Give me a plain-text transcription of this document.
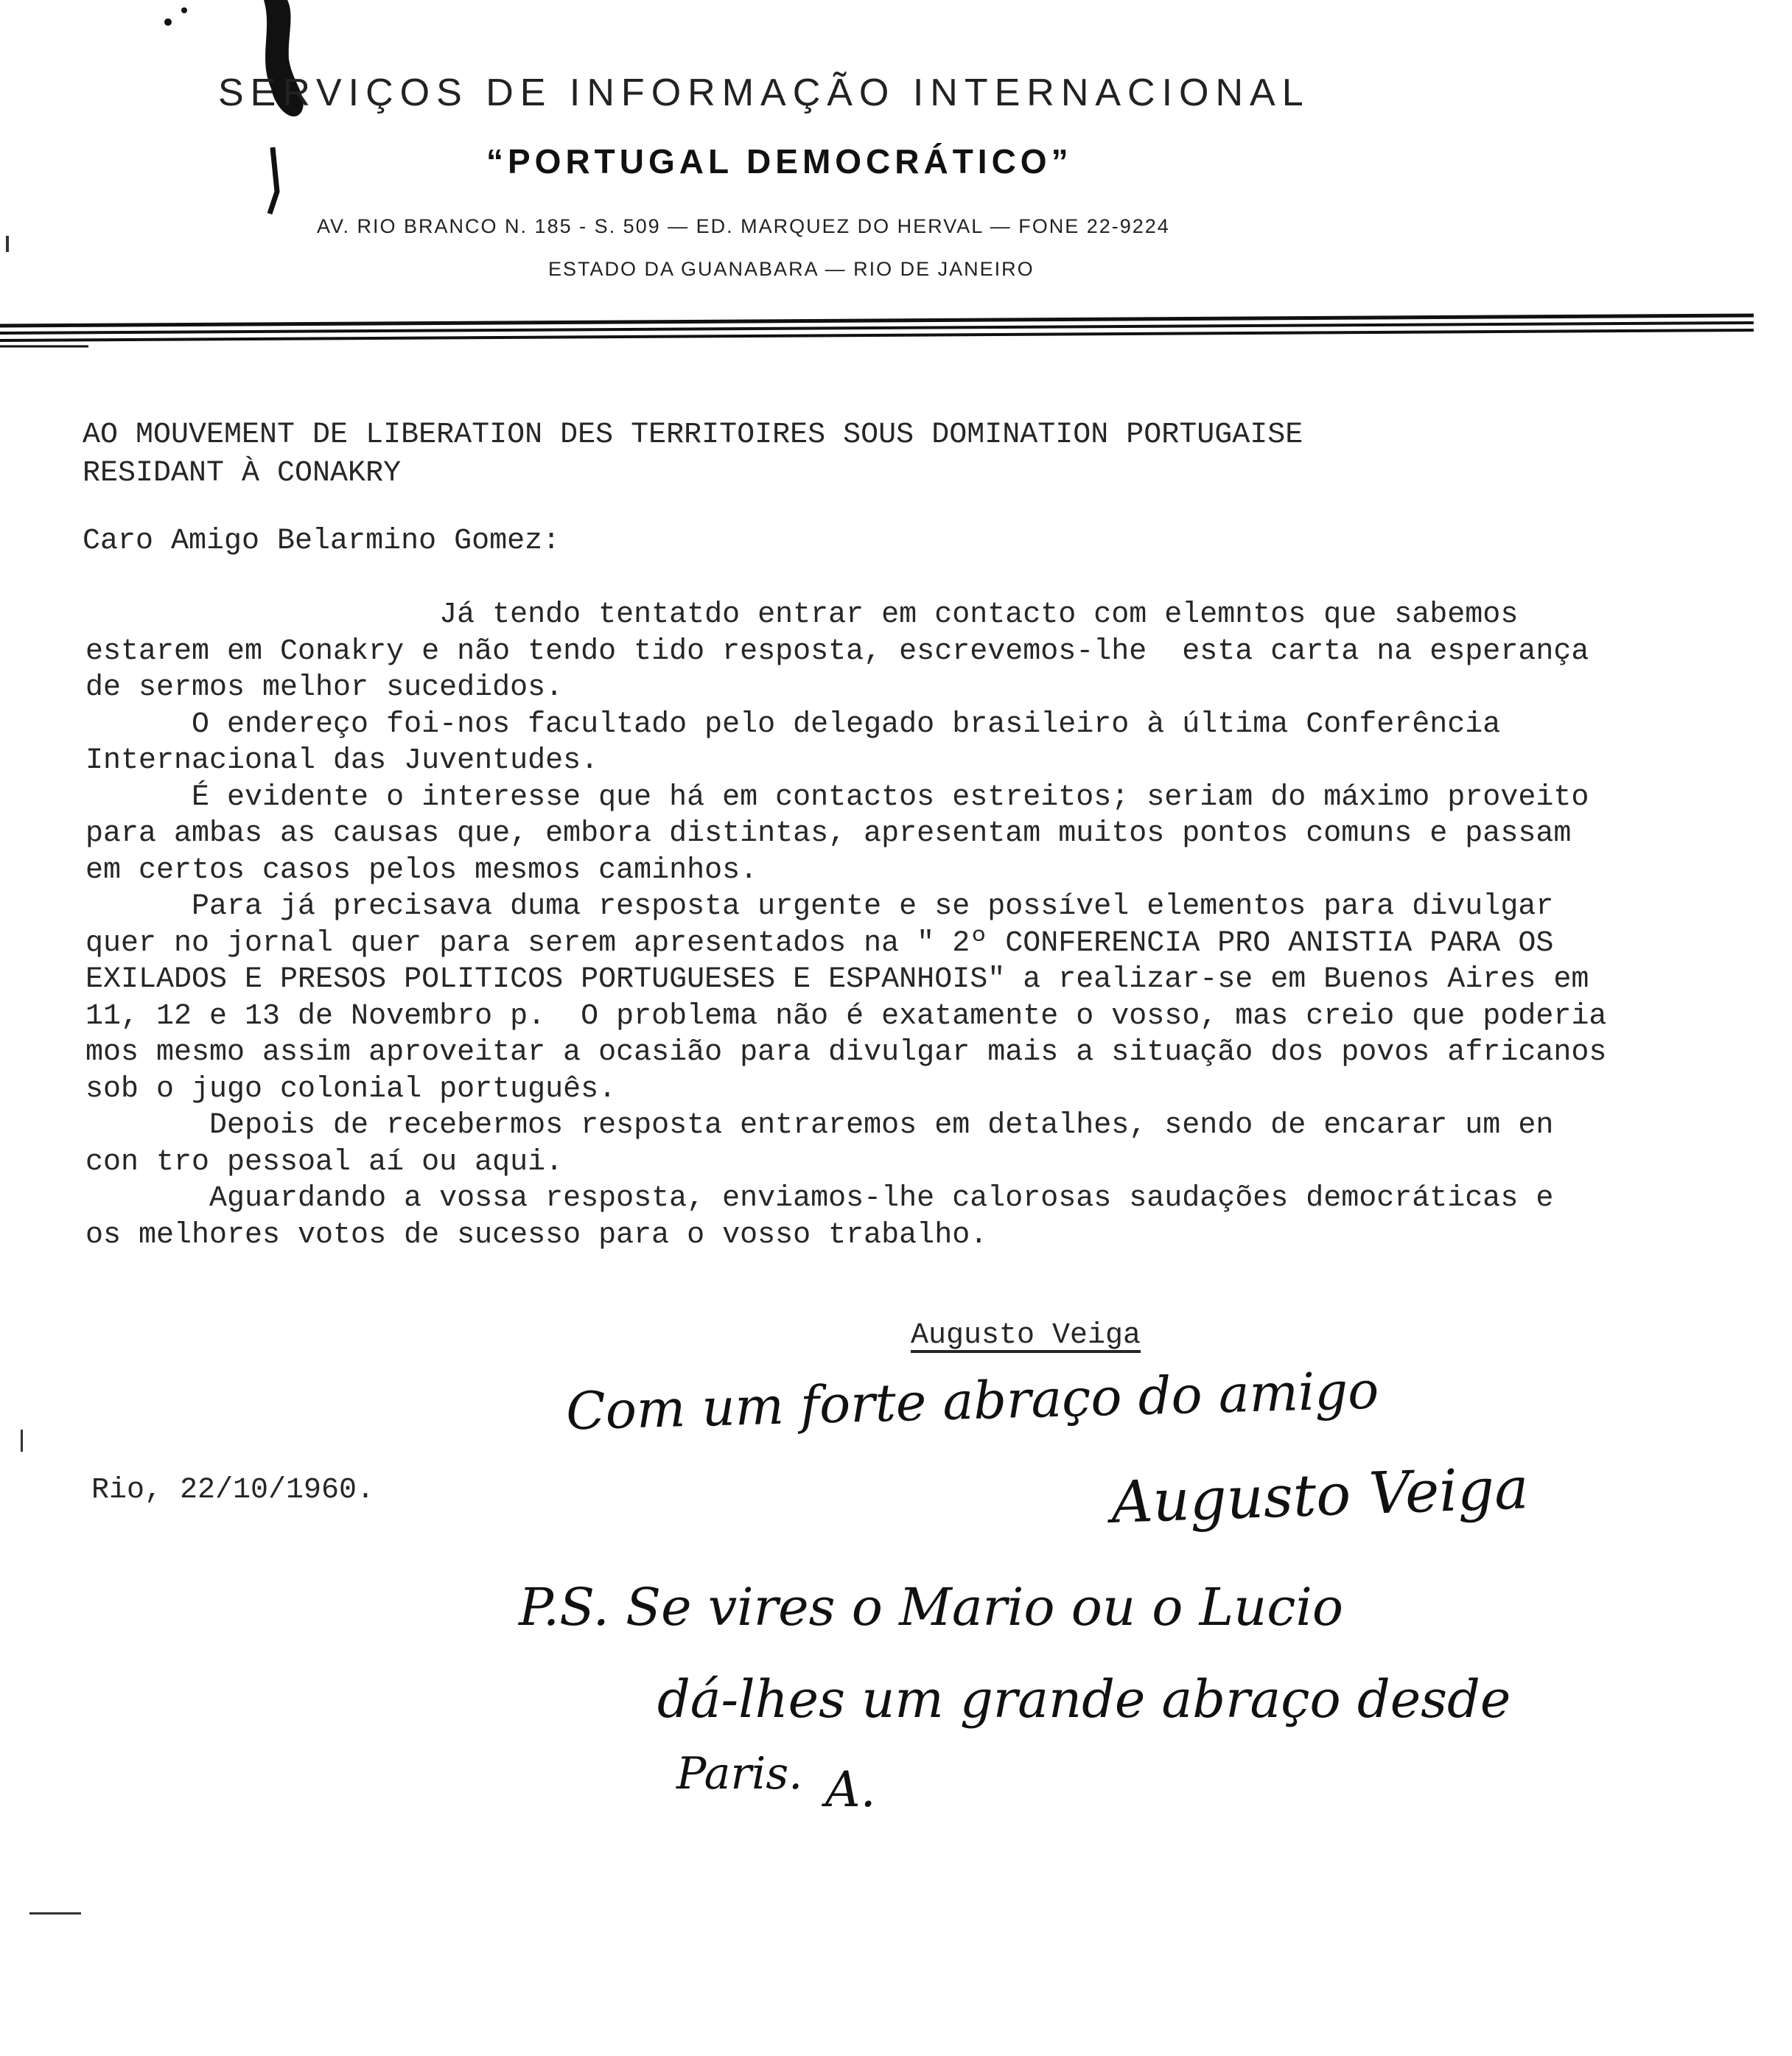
SERVIÇOS DE INFORMAÇÃO INTERNACIONAL
“PORTUGAL DEMOCRÁTICO”
AV. RIO BRANCO N. 185 - S. 509 — ED. MARQUEZ DO HERVAL — FONE 22-9224
ESTADO DA GUANABARA — RIO DE JANEIRO
AO MOUVEMENT DE LIBERATION DES TERRITOIRES SOUS DOMINATION PORTUGAISE
RESIDANT À CONAKRY
Caro Amigo Belarmino Gomez:

Já tendo tentatdo entrar em contacto com elemntos que sabemos

estarem em Conakry e não tendo tido resposta, escrevemos-lhe  esta carta na esperança

de sermos melhor sucedidos.

O endereço foi-nos facultado pelo delegado brasileiro à última Conferência

Internacional das Juventudes.

É evidente o interesse que há em contactos estreitos; seriam do máximo proveito

para ambas as causas que, embora distintas, apresentam muitos pontos comuns e passam

em certos casos pelos mesmos caminhos.

Para já precisava duma resposta urgente e se possível elementos para divulgar

quer no jornal quer para serem apresentados na " 2º CONFERENCIA PRO ANISTIA PARA OS

EXILADOS E PRESOS POLITICOS PORTUGUESES E ESPANHOIS" a realizar-se em Buenos Aires em

11, 12 e 13 de Novembro p.  O problema não é exatamente o vosso, mas creio que poderia

mos mesmo assim aproveitar a ocasião para divulgar mais a situação dos povos africanos

sob o jugo colonial português.

Depois de recebermos resposta entraremos em detalhes, sendo de encarar um en

con tro pessoal aí ou aqui.

Aguardando a vossa resposta, enviamos-lhe calorosas saudações democráticas e

os melhores votos de sucesso para o vosso trabalho.

Augusto Veiga
Com um forte abraço do amigo
Augusto Veiga
Rio, 22/10/1960.
P.S. Se vires o Mario ou o Lucio
dá-lhes um grande abraço desde
Paris. A.
